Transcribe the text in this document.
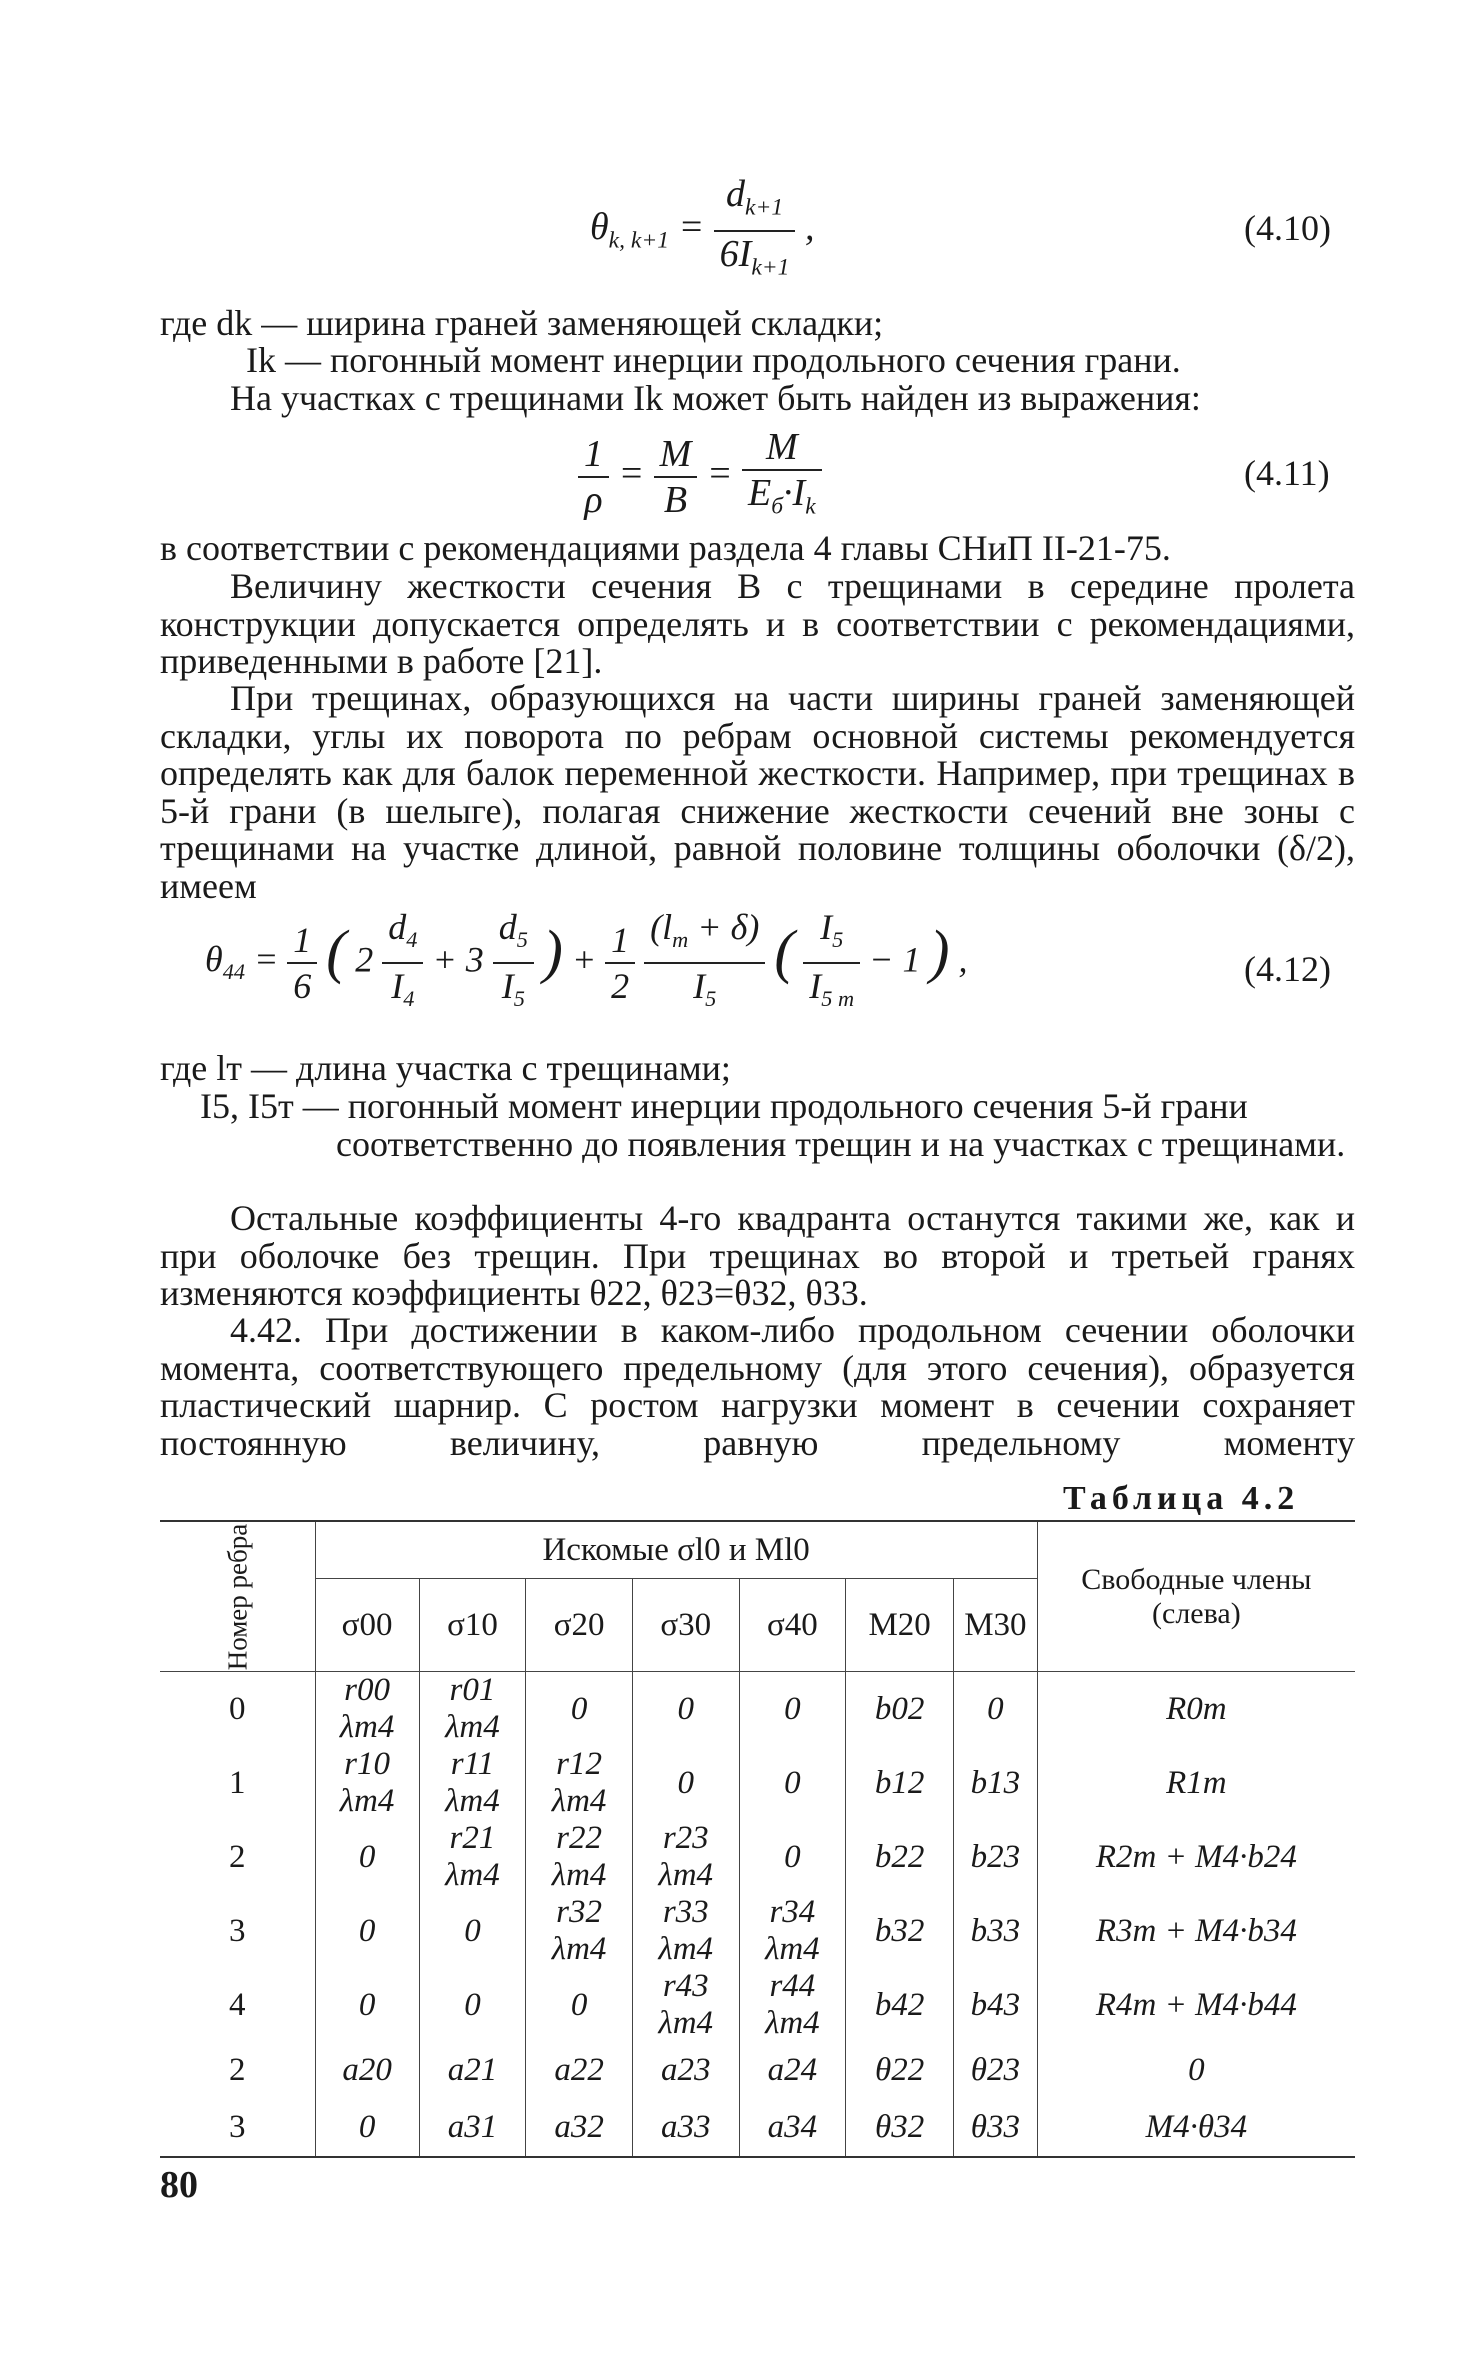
$\theta_{k, k+1} = \frac{d_{k+1}}{6I_{k+1}}$ ,	(4.10)
где dk — ширина граней заменяющей складки;
Ik — погонный момент инерции продольного сечения грани.
На участках с трещинами Ik может быть найден из выражения:
$\frac{1}{\rho} = \frac{M}{B} = \frac{M}{E_б\cdot I_k}$	(4.11)
в соответствии с рекомендациями раздела 4 главы СНиП II-21-75.
Величину жесткости сечения B с трещинами в середине пролета конструкции допускается определять и в соответствии с рекомендациями, приведенными в работе [21].
При трещинах, образующихся на части ширины граней заменяющей складки, углы их поворота по ребрам основной системы рекомендуется определять как для балок переменной жесткости. Например, при трещинах в 5-й грани (в шелыге), полагая снижение жесткости сечений вне зоны с трещинами на участке длиной, равной половине толщины оболочки (δ/2), имеем
$\theta_{44} = \frac{1}{6}$ ( $2 \frac{d_4}{I_4} + 3 \frac{d_5}{I_5}$ ) + $\frac{1}{2}$
$\frac{(l_т + \delta)}{I_5}$ ( $\frac{I_5}{I_{5 т}} - 1$ ) ,	(4.12)
где lт — длина участка с трещинами;
I5, I5т — погонный момент инерции продольного сечения 5-й грани соответственно до появления трещин и на участках с трещинами.
Остальные коэффициенты 4-го квадранта останутся такими же, как и при оболочке без трещин. При трещинах во второй и третьей гранях изменяются коэффициенты θ22, θ23=θ32, θ33.
4.42. При достижении в каком-либо продольном сечении оболочки момента, соответствующего предельному (для этого сечения), образуется пластический шарнир. С ростом нагрузки момент в сечении сохраняет постоянную величину, равную предельному моменту
Таблица 4.2
Номер ребра	Искомые σl0 и Ml0							Свободные члены (слева)
	σ00	σ10	σ20	σ30	σ40	M20	M30	
0	r00 λm4	r01 λm4	0	0	0	b02	0	R0m
1	r10 λm4	r11 λm4	r12 λm4	0	0	b12	b13	R1m
2	0	r21 λm4	r22 λm4	r23 λm4	0	b22	b23	R2m + M4·b24
3	0	0	r32 λm4	r33 λm4	r34 λm4	b32	b33	R3m + M4·b34
4	0	0	0	r43 λm4	r44 λm4	b42	b43	R4m + M4·b44
2	a20	a21	a22	a23	a24	θ22	θ23	0
3	0	a31	a32	a33	a34	θ32	θ33	M4·θ34
80
